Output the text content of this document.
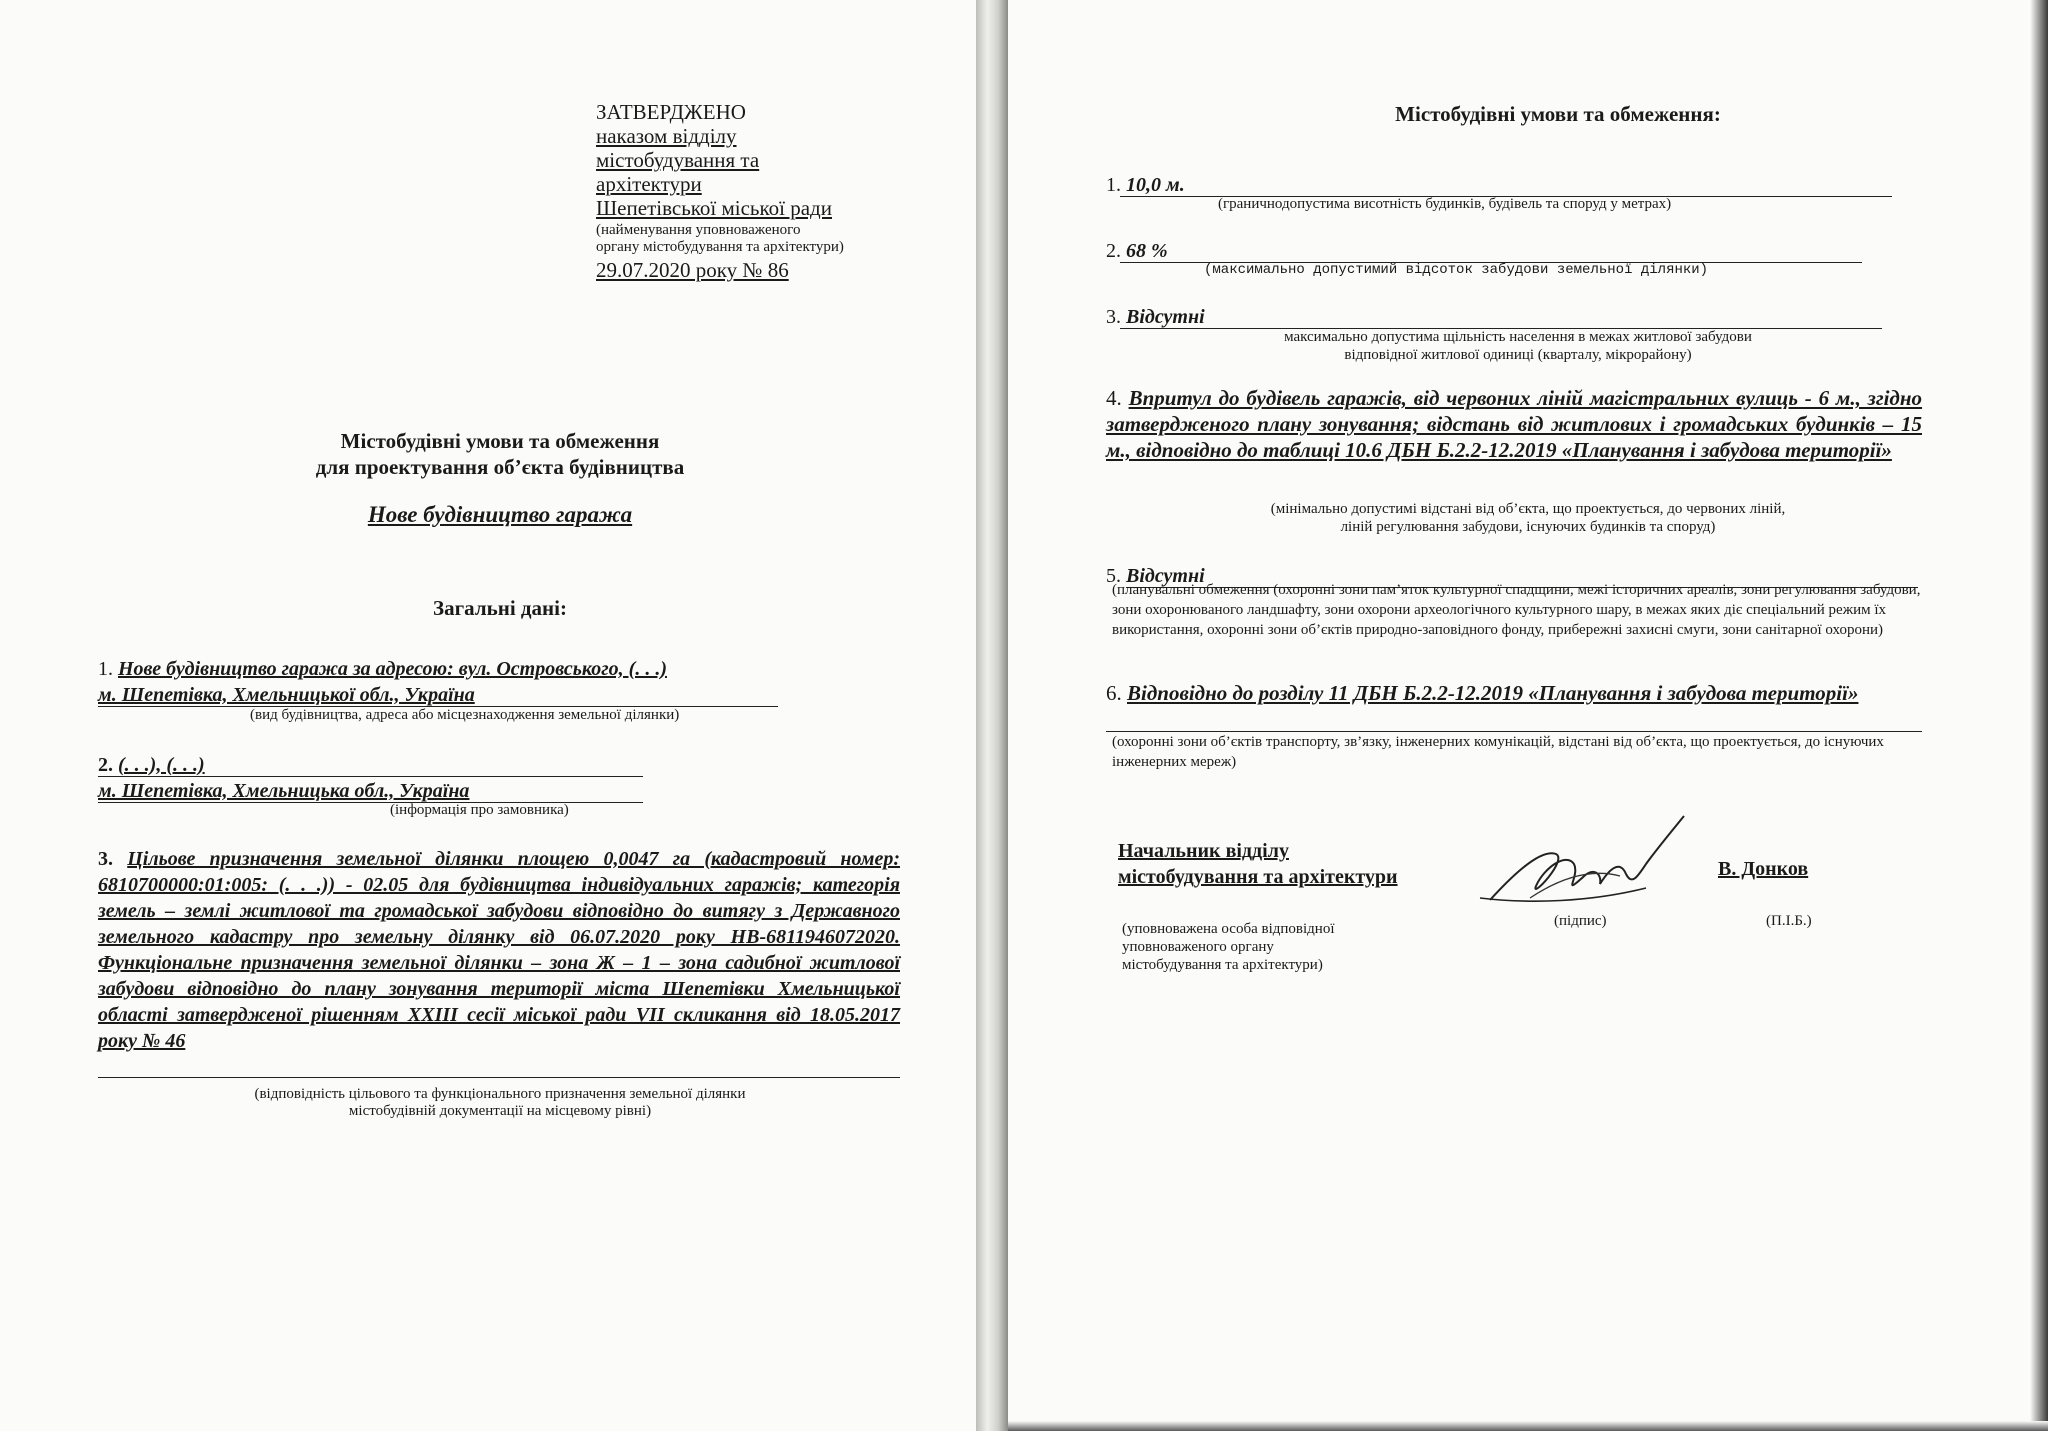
ЗАТВЕРДЖЕНО
наказом відділу
містобудування та
архітектури
Шепетівської міської ради
(найменування уповноваженого
органу містобудування та архітектури)
29.07.2020 року № 86
Містобудівні умови та обмеження
для проектування об’єкта будівництва
Нове будівництво гаража
Загальні дані:
1. Нове будівництво гаража за адресою: вул. Островського, (. . .)
м. Шепетівка, Хмельницької обл., Україна
(вид будівництва, адреса або місцезнаходження земельної ділянки)
2. (. . .), (. . .)
м. Шепетівка, Хмельницька обл., Україна
(інформація про замовника)
3. Цільове призначення земельної ділянки площею 0,0047 га (кадастровий номер: 6810700000:01:005: (. . .)) - 02.05 для будівництва індивідуальних гаражів; категорія земель – землі житлової та громадської забудови відповідно до витягу з Державного земельного кадастру про земельну ділянку від 06.07.2020 року НВ-6811946072020. Функціональне призначення земельної ділянки – зона Ж – 1 – зона садибної житлової забудови відповідно до плану зонування території міста Шепетівки Хмельницької області затвердженої рішенням XXIII сесії міської ради VII скликання від 18.05.2017 року № 46
(відповідність цільового та функціонального призначення земельної ділянки
містобудівній документації на місцевому рівні)
Містобудівні умови та обмеження:
1. 10,0 м.
(граничнодопустима висотність будинків, будівель та споруд у метрах)
2. 68 %
(максимально допустимий відсоток забудови земельної ділянки)
3. Відсутні
максимально допустима щільність населення в межах житлової забудови
відповідної житлової одиниці (кварталу, мікрорайону)
4. Впритул до будівель гаражів, від червоних ліній магістральних вулиць - 6 м., згідно затвердженого плану зонування; відстань від житлових і громадських будинків – 15 м., відповідно до таблиці 10.6 ДБН Б.2.2-12.2019 «Планування і забудова території»
(мінімально допустимі відстані від об’єкта, що проектується, до червоних ліній,
ліній регулювання забудови, існуючих будинків та споруд)
5. Відсутні
(планувальні обмеження (охоронні зони пам’яток культурної спадщини, межі історичних ареалів, зони регулювання забудови, зони охоронюваного ландшафту, зони охорони археологічного культурного шару, в межах яких діє спеціальний режим їх використання, охоронні зони об’єктів природно-заповідного фонду, прибережні захисні смуги, зони санітарної охорони)
6. Відповідно до розділу 11 ДБН Б.2.2-12.2019 «Планування і забудова території»
(охоронні зони об’єктів транспорту, зв’язку, інженерних комунікацій, відстані від об’єкта, що проектується, до існуючих інженерних мереж)
Начальник відділу
містобудування та архітектури	В. Донков
(уповноважена особа відповідної
уповноваженого органу
містобудування та архітектури)
(підпис)	(П.І.Б.)
